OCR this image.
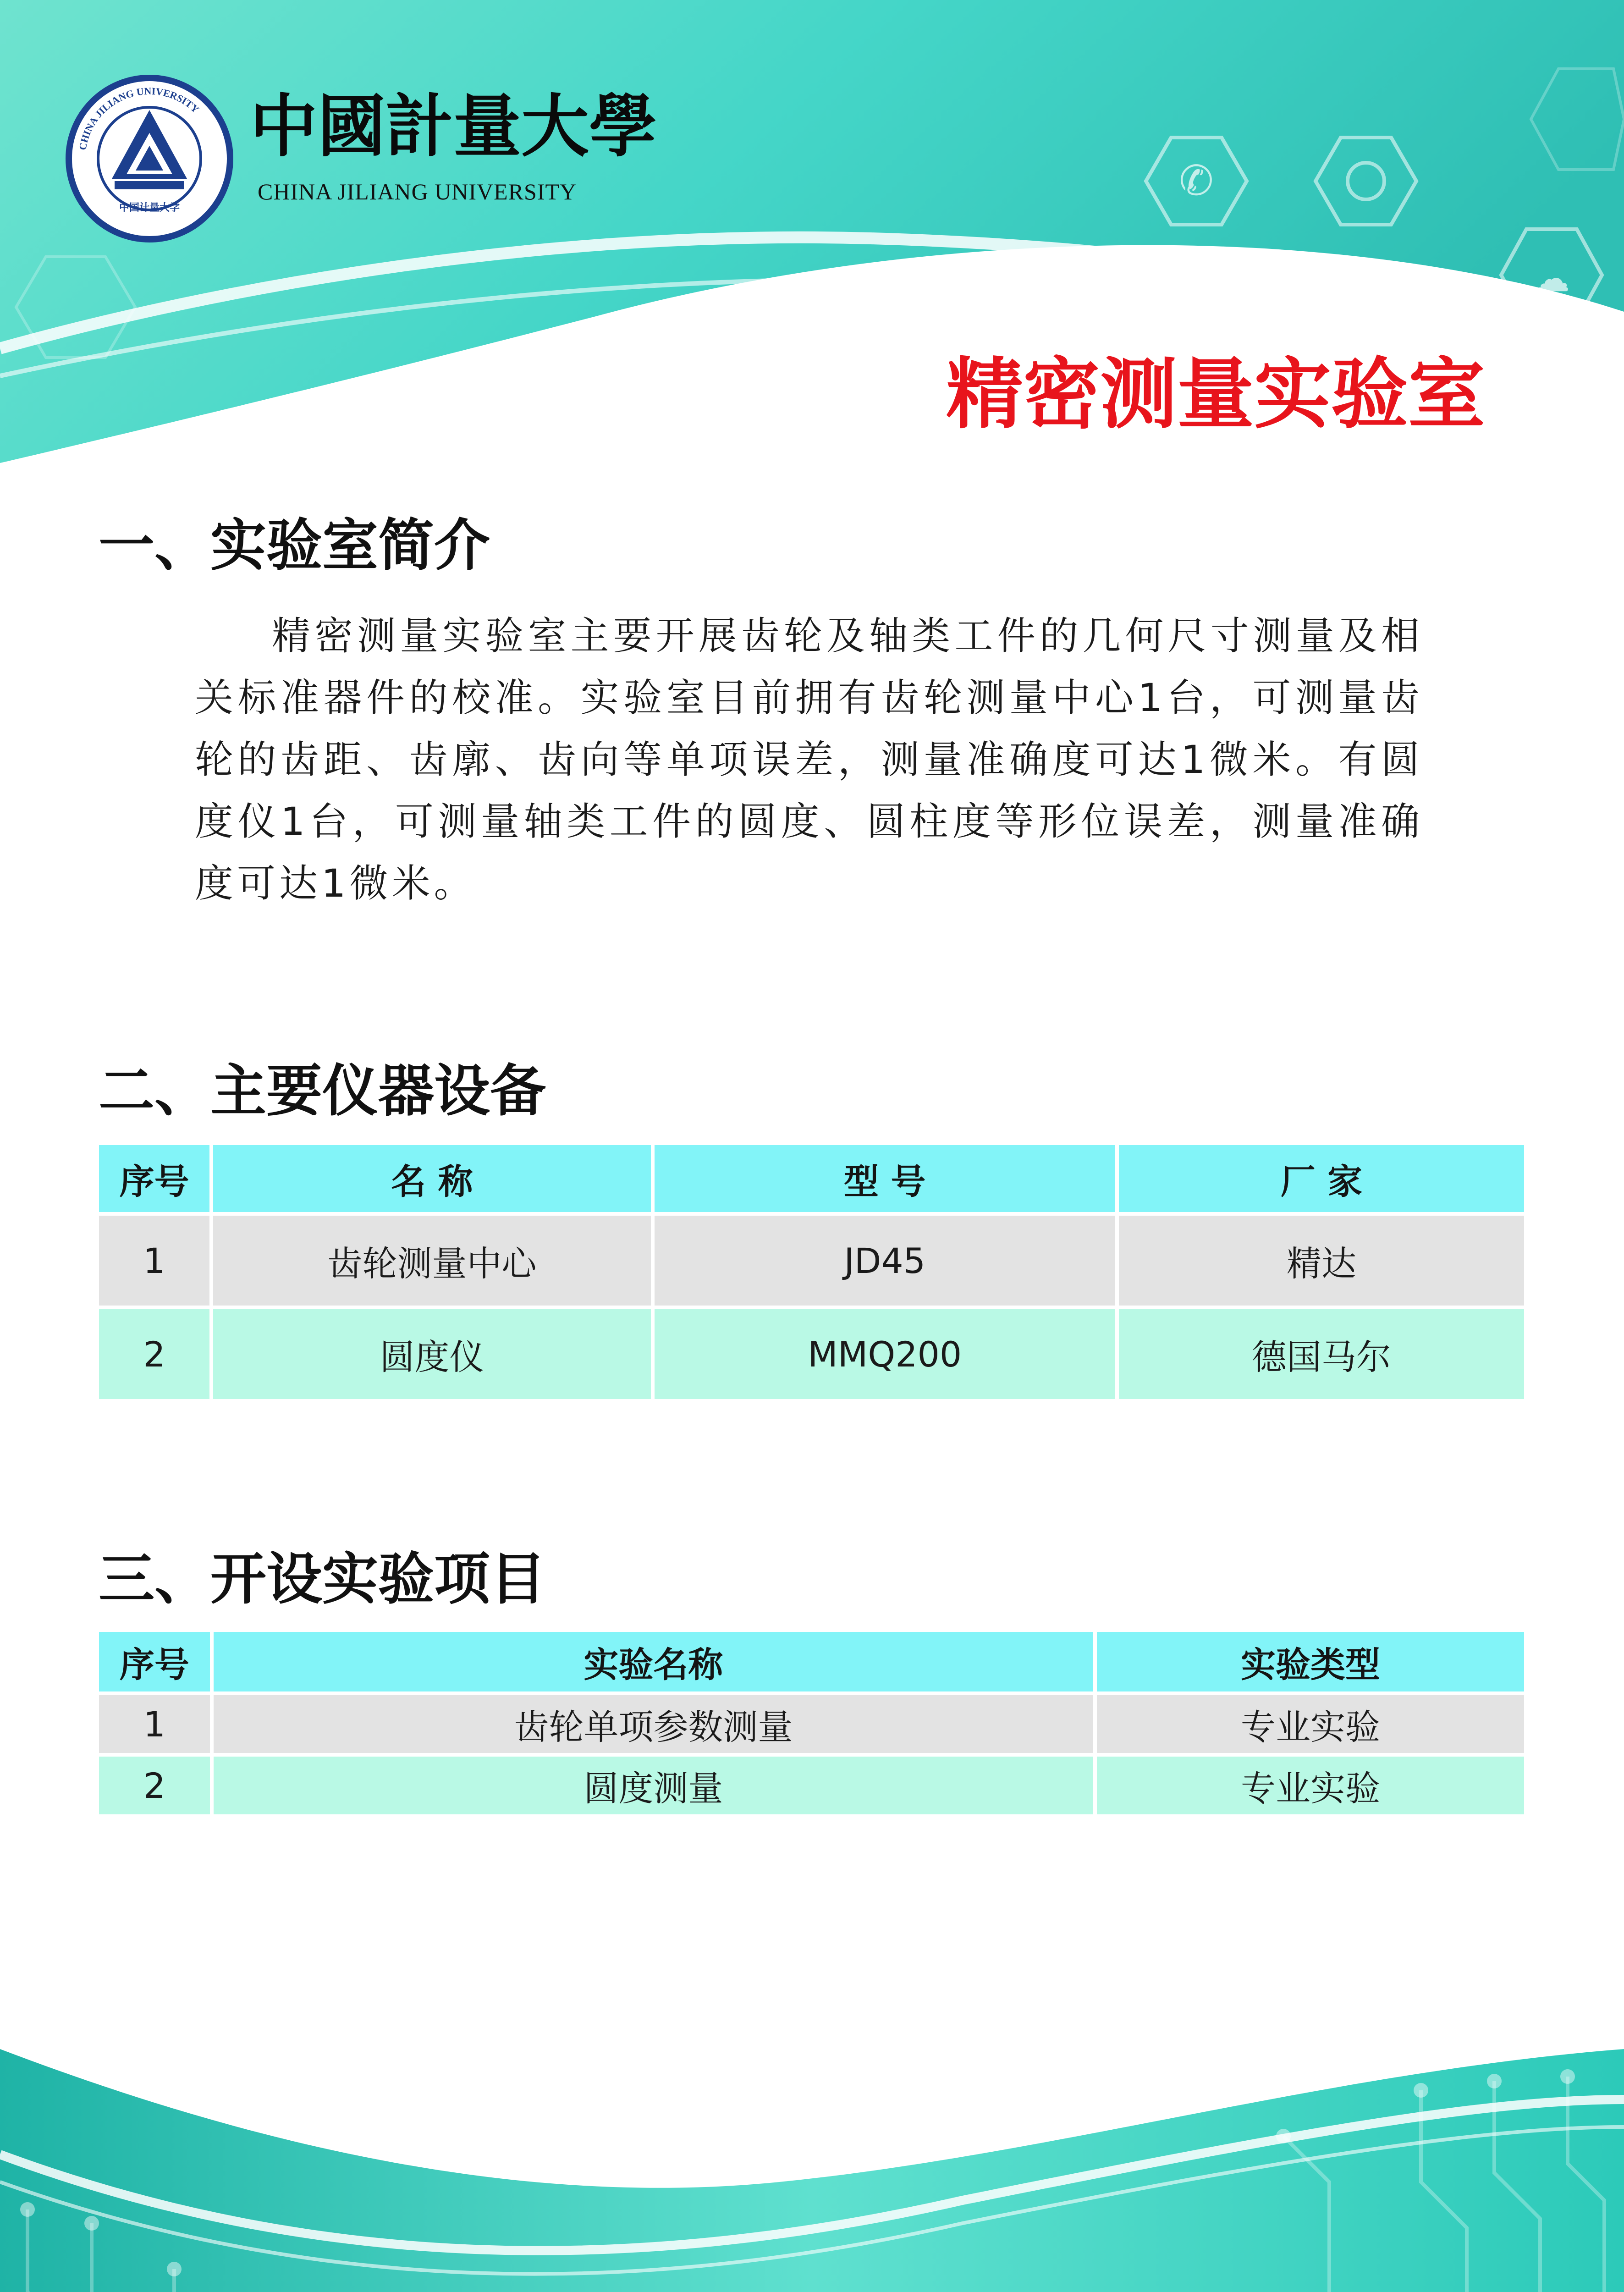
✆
☁
CHINA JILIANG UNIVERSITY
中国计量大学
中國計量大學
CHINA JILIANG UNIVERSITY
精密测量实验室
一、实验室简介

精密测量实验室主要开展齿轮及轴类工件的几何尺寸测量及相关标准器件的校准。实验室目前拥有齿轮测量中心1台，可测量齿轮的齿距、齿廓、齿向等单项误差，测量准确度可达1微米。有圆度仪1台，可测量轴类工件的圆度、圆柱度等形位误差，测量准确度可达1微米。

二、主要仪器设备
序号	名 称	型 号	厂 家
1	齿轮测量中心	JD45	精达
2	圆度仪	MMQ200	德国马尔
三、开设实验项目
序号	实验名称	实验类型
1	齿轮单项参数测量	专业实验
2	圆度测量	专业实验
